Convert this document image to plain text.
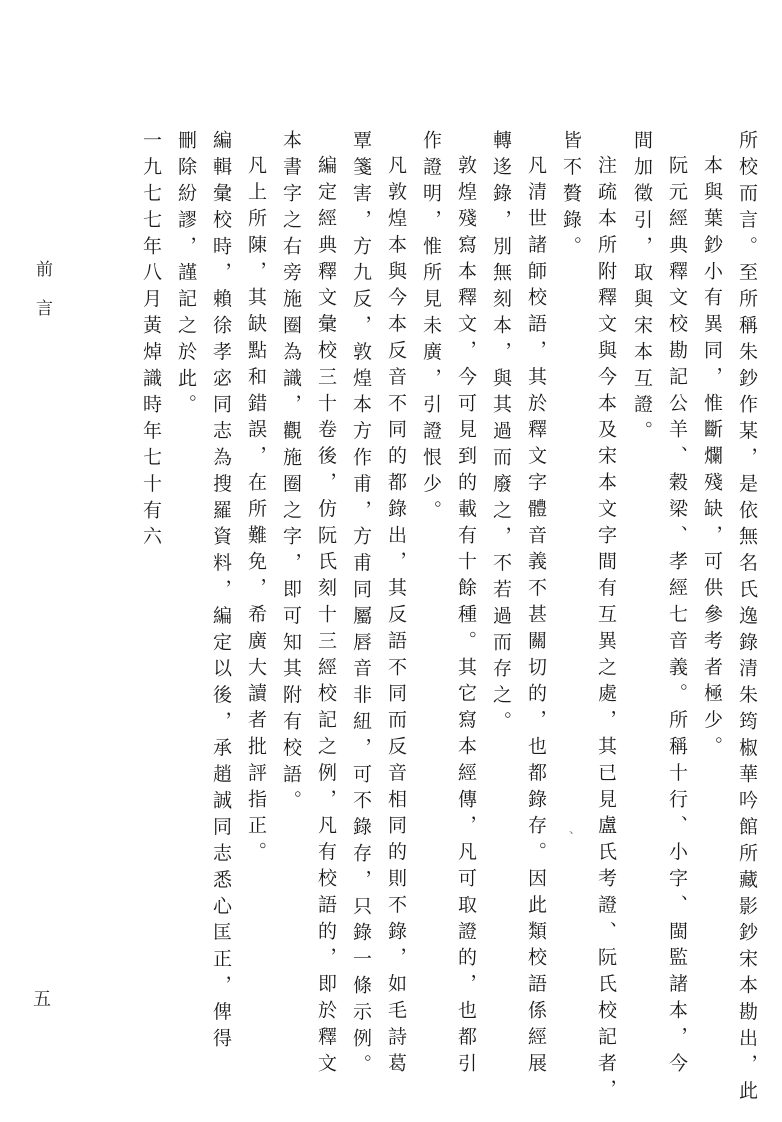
前言
五
、	所校而言。至所稱朱鈔作某，是依無名氏逸錄清朱筠椒華吟館所藏影鈔宋本勘出，此
本與葉鈔小有異同，惟斷爛殘缺，可供參考者極少。
阮元經典釋文校勘記公羊、穀梁、孝經七音義。所稱十行、小字、閩監諸本，今
間加徵引，取與宋本互證。
注疏本所附釋文與今本及宋本文字間有互異之處，其已見盧氏考證、阮氏校記者，
皆不贅錄。
凡清世諸師校語，其於釋文字體音義不甚關切的，也都錄存。因此類校語係經展
轉迻錄，別無刻本，與其過而廢之，不若過而存之。
敦煌殘寫本釋文，今可見到的載有十餘種。其它寫本經傳，凡可取證的，也都引
作證明，惟所見未廣，引證恨少。
凡敦煌本與今本反音不同的都錄出，其反語不同而反音相同的則不錄，如毛詩葛
覃箋害，方九反，敦煌本方作甫，方甫同屬唇音非紐，可不錄存，只錄一條示例。
編定經典釋文彙校三十卷後，仿阮氏刻十三經校記之例，凡有校語的，即於釋文
本書字之右旁施圈為識，觀施圈之字，即可知其附有校語。
凡上所陳，其缺點和錯誤，在所難免，希廣大讀者批評指正。
編輯彙校時，賴徐孝宓同志為搜羅資料，編定以後，承趙誠同志悉心匡正，俾得
刪除紛謬，謹記之於此。
一九七七年八月黃焯識時年七十有六
